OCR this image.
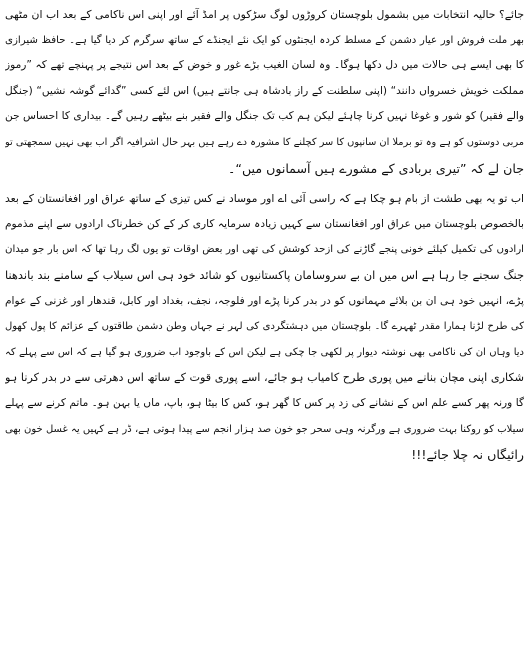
جائے؟ حالیہ انتخابات میں بشمول بلوچستان کروڑوں لوگ سڑکوں پر امڈ آئے اور اپنی اس ناکامی کے بعد اب ان مٹھی
بھر ملت فروش اور عیار دشمن کے مسلط کردہ ایجنٹوں کو ایک نئے ایجنڈے کے ساتھ سرگرم کر دیا گیا ہے۔ حافظ شیرازی
کا بھی ایسے ہی حالات میں دل دکھا ہوگا۔ وہ لسان الغیب بڑے غور و خوض کے بعد اس نتیجے پر پہنچے تھے کہ ”رموز
مملکت خویش خسرواں دانند“ (اپنی سلطنت کے راز بادشاہ ہی جانتے ہیں) اس لئے کسی ”گدائے گوشہ نشیں“ (جنگل
والے فقیر) کو شور و غوغا نہیں کرنا چاہئے لیکن ہم کب تک جنگل والے فقیر بنے بیٹھے رہیں گے۔ بیداری کا احساس جن
مربی دوستوں کو ہے وہ تو برملا ان سانپوں کا سر کچلنے کا مشورہ دے رہے ہیں بہر حال اشرافیہ اگر اب بھی نہیں سمجھتی تو
جان لے کہ ”تیری بربادی کے مشورے ہیں آسمانوں میں“۔
اب تو یہ بھی طشت از بام ہو چکا ہے کہ راسی آئی اے اور موساد نے کس تیزی کے ساتھ عراق اور افغانستان کے بعد
بالخصوص بلوچستان میں عراق اور افغانستان سے کہیں زیادہ سرمایہ کاری کر کے کن خطرناک ارادوں سے اپنے مذموم
ارادوں کی تکمیل کیلئے خونی پنجے گاڑنے کی ازحد کوشش کی تھی اور بعض اوقات تو یوں لگ رہا تھا کہ اس بار جو میدان
جنگ سجنے جا رہا ہے اس میں ان بے سروسامان پاکستانیوں کو شائد خود ہی اس سیلاب کے سامنے بند باندھنا
پڑے، انہیں خود ہی ان بن بلائے مہمانوں کو در بدر کرنا پڑے اور فلوجہ، نجف، بغداد اور کابل، قندھار اور غزنی کے عوام
کی طرح لڑنا ہمارا مقدر ٹھہرے گا۔ بلوچستان میں دہشتگردی کی لہر نے جہاں وطن دشمن طاقتوں کے عزائم کا پول کھول
دیا وہاں ان کی ناکامی بھی نوشتہ دیوار پر لکھی جا چکی ہے لیکن اس کے باوجود اب ضروری ہو گیا ہے کہ اس سے پہلے کہ
شکاری اپنی مچان بنانے میں پوری طرح کامیاب ہو جائے، اسے پوری قوت کے ساتھ اس دھرتی سے در بدر کرنا ہو
گا ورنہ پھر کسے علم اس کے نشانے کی زد پر کس کا گھر ہو، کس کا بیٹا ہو، باپ، ماں یا بہن ہو۔ ماتم کرنے سے پہلے
سیلاب کو روکنا بہت ضروری ہے ورگرنہ وہی سحر جو خون صد ہزار انجم سے پیدا ہوتی ہے، ڈر ہے کہیں یہ غسل خون بھی
رائیگاں نہ چلا جائے!!!
